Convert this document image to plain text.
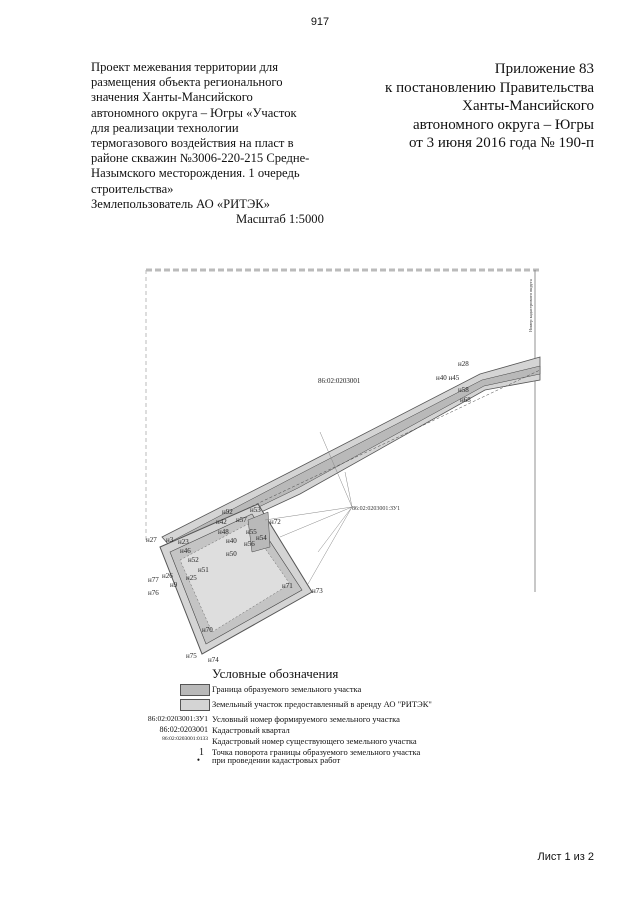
917
Проект межевания территории для
размещения объекта регионального
значения Ханты-Мансийского
автономного округа – Югры «Участок
для реализации технологии
термогазового воздействия на пласт в
районе скважин №3006-220-215 Средне-
Назымского месторождения. 1 очередь
строительства»
Землепользователь АО «РИТЭК»
Масштаб 1:5000
Приложение 83
к постановлению Правительства
Ханты-Мансийского
автономного округа – Югры
от 3 июня 2016 года № 190-п
Номер кадастрового округа
86:02:0203001
86:02:0203001:ЗУ1
н28
н40 н45
н58
н68
н92 н53
н72
н42 н57
н27 н3 н23
н48 н55
н54
н46
н40 н56
н52
н50
н51
н26 н25
н77
н9
н76
н71
н73
н70
н75 н74
Условные обозначения
Граница образуемого земельного участка
Земельный участок предоставленный в аренду АО "РИТЭК"
86:02:0203001:ЗУ1 Условный номер формируемого земельного участка
86:02:0203001 Кадастровый квартал
86:02:0203001:0133 Кадастровый номер существующего земельного участка
1 Точка поворота границы образуемого земельного участка
• при проведении кадастровых работ
Лист 1 из 2
